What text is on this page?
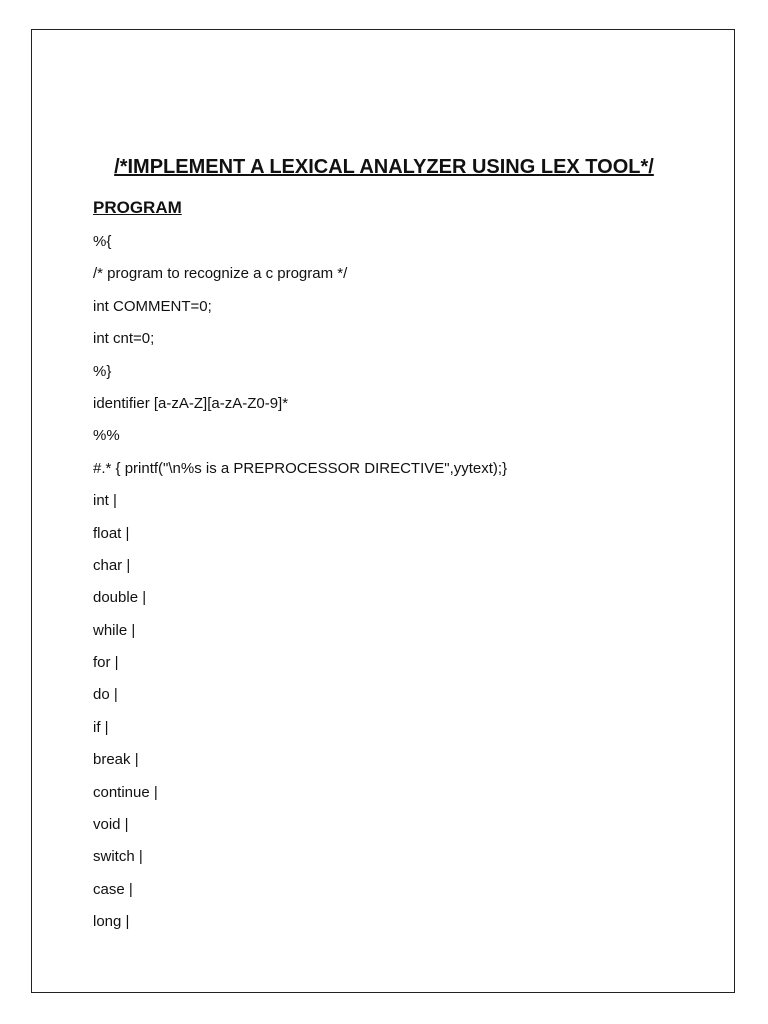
/*IMPLEMENT A LEXICAL ANALYZER USING LEX TOOL*/
PROGRAM
%{
/* program to recognize a c program */
int COMMENT=0;
int cnt=0;
%}
identifier [a-zA-Z][a-zA-Z0-9]*
%%
#.* { printf("\n%s is a PREPROCESSOR DIRECTIVE",yytext);}
int |
float |
char |
double |
while |
for |
do |
if |
break |
continue |
void |
switch |
case |
long |
